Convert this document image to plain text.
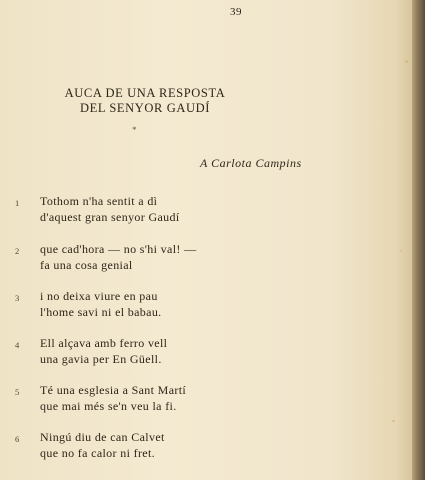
39
AUCA DE UNA RESPOSTA
DEL SENYOR GAUDÍ
*
A Carlota Campins
1 Tothom n'ha sentit a dì
d'aquest gran senyor Gaudí
2 que cad'hora — no s'hi val! —
fa una cosa genial
3 i no deixa viure en pau
l'home savi ni el babau.
4 Ell alçava amb ferro vell
una gavia per En Güell.
5 Té una esglesia a Sant Martí
que mai més se'n veu la fi.
6 Ningú diu de can Calvet
que no fa calor ni fret.
